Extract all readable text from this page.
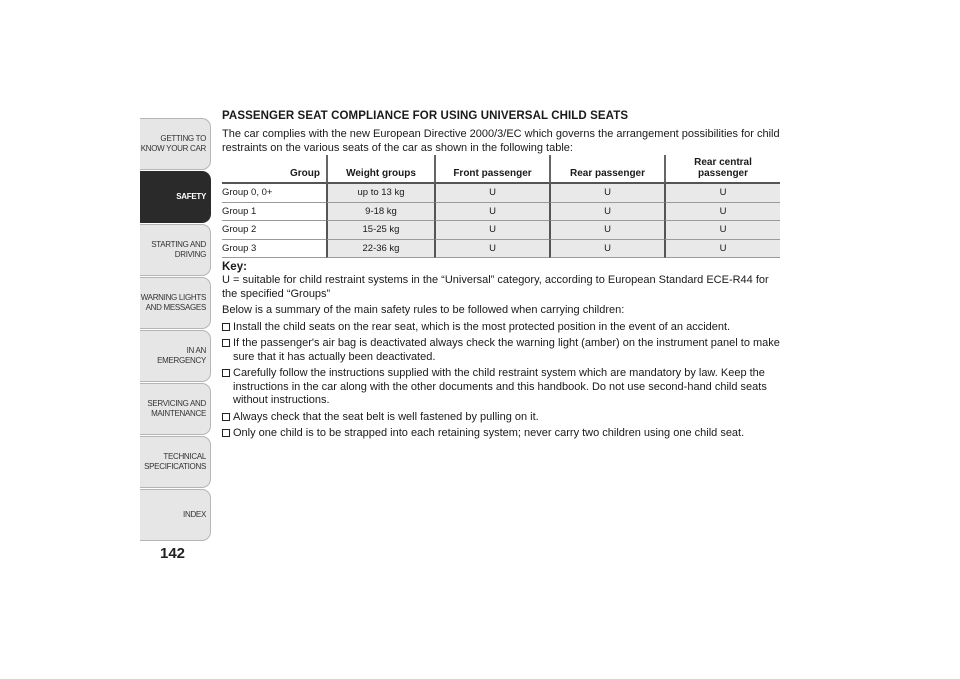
GETTING TO KNOW YOUR CAR
SAFETY
STARTING AND DRIVING
WARNING LIGHTS AND MESSAGES
IN AN EMERGENCY
SERVICING AND MAINTENANCE
TECHNICAL SPECIFICATIONS
INDEX
142
PASSENGER SEAT COMPLIANCE FOR USING UNIVERSAL CHILD SEATS

The car complies with the new European Directive 2000/3/EC which governs the arrangement possibilities for child restraints on the various seats of the car as shown in the following table:

Group	Weight groups	Front passenger	Rear passenger	Rear central passenger
Group 0, 0+	up to 13 kg	U	U	U
Group 1	9-18 kg	U	U	U
Group 2	15-25 kg	U	U	U
Group 3	22-36 kg	U	U	U
Key:

U = suitable for child restraint systems in the “Universal” category, according to European Standard ECE-R44 for the specified “Groups”

Below is a summary of the main safety rules to be followed when carrying children:

Install the child seats on the rear seat, which is the most protected position in the event of an accident.
If the passenger's air bag is deactivated always check the warning light (amber) on the instrument panel to make sure that it has actually been deactivated.
Carefully follow the instructions supplied with the child restraint system which are mandatory by law. Keep the instructions in the car along with the other documents and this handbook. Do not use second-hand child seats without instructions.
Always check that the seat belt is well fastened by pulling on it.
Only one child is to be strapped into each retaining system; never carry two children using one child seat.
